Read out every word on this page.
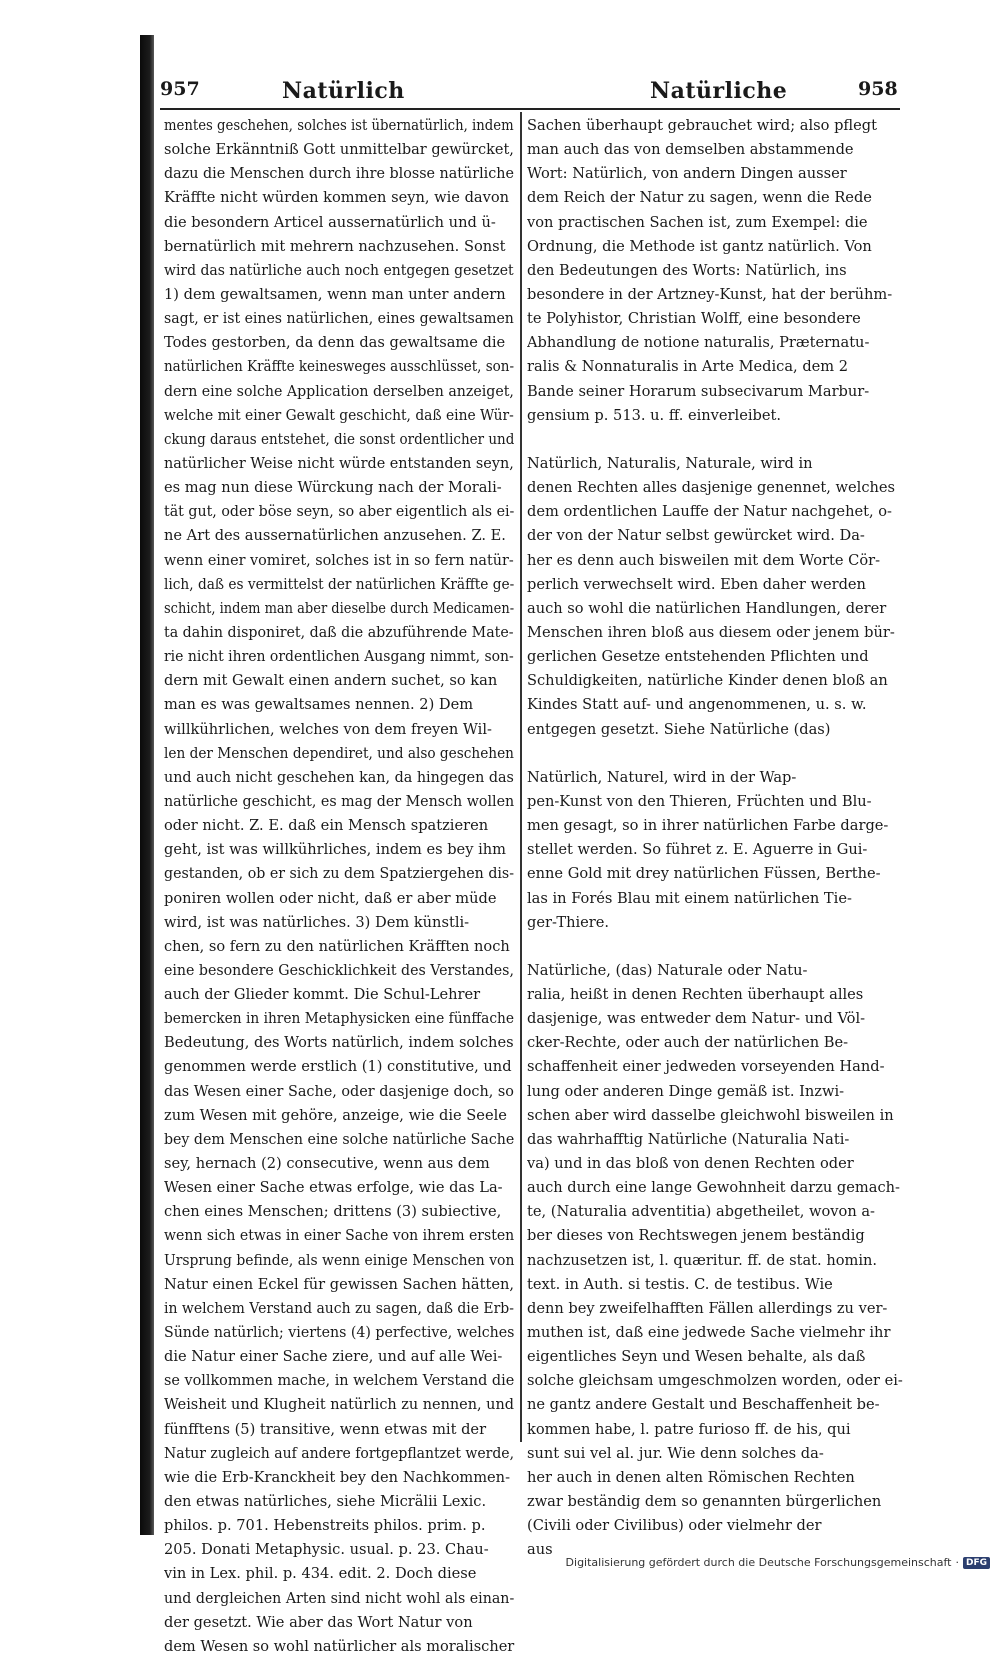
957	Natürlich	Natürliche	958
mentes geschehen, solches ist übernatürlich, indem
solche Erkänntniß Gott unmittelbar gewürcket,
dazu die Menschen durch ihre blosse natürliche
Kräffte nicht würden kommen seyn, wie davon
die besondern Articel aussernatürlich und ü-
bernatürlich mit mehrern nachzusehen. Sonst
wird das natürliche auch noch entgegen gesetzet
1) dem gewaltsamen, wenn man unter andern
sagt, er ist eines natürlichen, eines gewaltsamen
Todes gestorben, da denn das gewaltsame die
natürlichen Kräffte keinesweges ausschlüsset, son-
dern eine solche Application derselben anzeiget,
welche mit einer Gewalt geschicht, daß eine Wür-
ckung daraus entstehet, die sonst ordentlicher und
natürlicher Weise nicht würde entstanden seyn,
es mag nun diese Würckung nach der Morali-
tät gut, oder böse seyn, so aber eigentlich als ei-
ne Art des aussernatürlichen anzusehen. Z. E.
wenn einer vomiret, solches ist in so fern natür-
lich, daß es vermittelst der natürlichen Kräffte ge-
schicht, indem man aber dieselbe durch Medicamen-
ta dahin disponiret, daß die abzuführende Mate-
rie nicht ihren ordentlichen Ausgang nimmt, son-
dern mit Gewalt einen andern suchet, so kan
man es was gewaltsames nennen. 2) Dem
willkührlichen, welches von dem freyen Wil-
len der Menschen dependiret, und also geschehen
und auch nicht geschehen kan, da hingegen das
natürliche geschicht, es mag der Mensch wollen
oder nicht. Z. E. daß ein Mensch spatzieren
geht, ist was willkührliches, indem es bey ihm
gestanden, ob er sich zu dem Spatziergehen dis-
poniren wollen oder nicht, daß er aber müde
wird, ist was natürliches. 3) Dem künstli-
chen, so fern zu den natürlichen Kräfften noch
eine besondere Geschicklichkeit des Verstandes,
auch der Glieder kommt. Die Schul-Lehrer
bemercken in ihren Metaphysicken eine fünffache
Bedeutung, des Worts natürlich, indem solches
genommen werde erstlich (1) constitutive, und
das Wesen einer Sache, oder dasjenige doch, so
zum Wesen mit gehöre, anzeige, wie die Seele
bey dem Menschen eine solche natürliche Sache
sey, hernach (2) consecutive, wenn aus dem
Wesen einer Sache etwas erfolge, wie das La-
chen eines Menschen; drittens (3) subiective,
wenn sich etwas in einer Sache von ihrem ersten
Ursprung befinde, als wenn einige Menschen von
Natur einen Eckel für gewissen Sachen hätten,
in welchem Verstand auch zu sagen, daß die Erb-
Sünde natürlich; viertens (4) perfective, welches
die Natur einer Sache ziere, und auf alle Wei-
se vollkommen mache, in welchem Verstand die
Weisheit und Klugheit natürlich zu nennen, und
fünfftens (5) transitive, wenn etwas mit der
Natur zugleich auf andere fortgepflantzet werde,
wie die Erb-Kranckheit bey den Nachkommen-
den etwas natürliches, siehe Micrälii Lexic.
philos. p. 701. Hebenstreits philos. prim. p.
205. Donati Metaphysic. usual. p. 23. Chau-
vin in Lex. phil. p. 434. edit. 2. Doch diese
und dergleichen Arten sind nicht wohl als einan-
der gesetzt. Wie aber das Wort Natur von
dem Wesen so wohl natürlicher als moralischer
Sachen überhaupt gebrauchet wird; also pflegt
man auch das von demselben abstammende
Wort: Natürlich, von andern Dingen ausser
dem Reich der Natur zu sagen, wenn die Rede
von practischen Sachen ist, zum Exempel: die
Ordnung, die Methode ist gantz natürlich. Von
den Bedeutungen des Worts: Natürlich, ins
besondere in der Artzney-Kunst, hat der berühm-
te Polyhistor, Christian Wolff, eine besondere
Abhandlung de notione naturalis, Præternatu-
ralis & Nonnaturalis in Arte Medica, dem 2
Bande seiner Horarum subsecivarum Marbur-
gensium p. 513. u. ff. einverleibet.
Natürlich, Naturalis, Naturale, wird in
denen Rechten alles dasjenige genennet, welches
dem ordentlichen Lauffe der Natur nachgehet, o-
der von der Natur selbst gewürcket wird. Da-
her es denn auch bisweilen mit dem Worte Cör-
perlich verwechselt wird. Eben daher werden
auch so wohl die natürlichen Handlungen, derer
Menschen ihren bloß aus diesem oder jenem bür-
gerlichen Gesetze entstehenden Pflichten und
Schuldigkeiten, natürliche Kinder denen bloß an
Kindes Statt auf- und angenommenen, u. s. w.
entgegen gesetzt. Siehe Natürliche (das)
Natürlich, Naturel, wird in der Wap-
pen-Kunst von den Thieren, Früchten und Blu-
men gesagt, so in ihrer natürlichen Farbe darge-
stellet werden. So führet z. E. Aguerre in Gui-
enne Gold mit drey natürlichen Füssen, Berthe-
las in Forés Blau mit einem natürlichen Tie-
ger-Thiere.
Natürliche, (das) Naturale oder Natu-
ralia, heißt in denen Rechten überhaupt alles
dasjenige, was entweder dem Natur- und Völ-
cker-Rechte, oder auch der natürlichen Be-
schaffenheit einer jedweden vorseyenden Hand-
lung oder anderen Dinge gemäß ist. Inzwi-
schen aber wird dasselbe gleichwohl bisweilen in
das wahrhafftig Natürliche (Naturalia Nati-
va) und in das bloß von denen Rechten oder
auch durch eine lange Gewohnheit darzu gemach-
te, (Naturalia adventitia) abgetheilet, wovon a-
ber dieses von Rechtswegen jenem beständig
nachzusetzen ist, l. quæritur. ff. de stat. homin.
text. in Auth. si testis. C. de testibus. Wie
denn bey zweifelhafften Fällen allerdings zu ver-
muthen ist, daß eine jedwede Sache vielmehr ihr
eigentliches Seyn und Wesen behalte, als daß
solche gleichsam umgeschmolzen worden, oder ei-
ne gantz andere Gestalt und Beschaffenheit be-
kommen habe, l. patre furioso ff. de his, qui
sunt sui vel al. jur. Wie denn solches da-
her auch in denen alten Römischen Rechten
zwar beständig dem so genannten bürgerlichen
(Civili oder Civilibus) oder vielmehr der
aus
Digitalisierung gefördert durch die Deutsche Forschungsgemeinschaft · DFG
